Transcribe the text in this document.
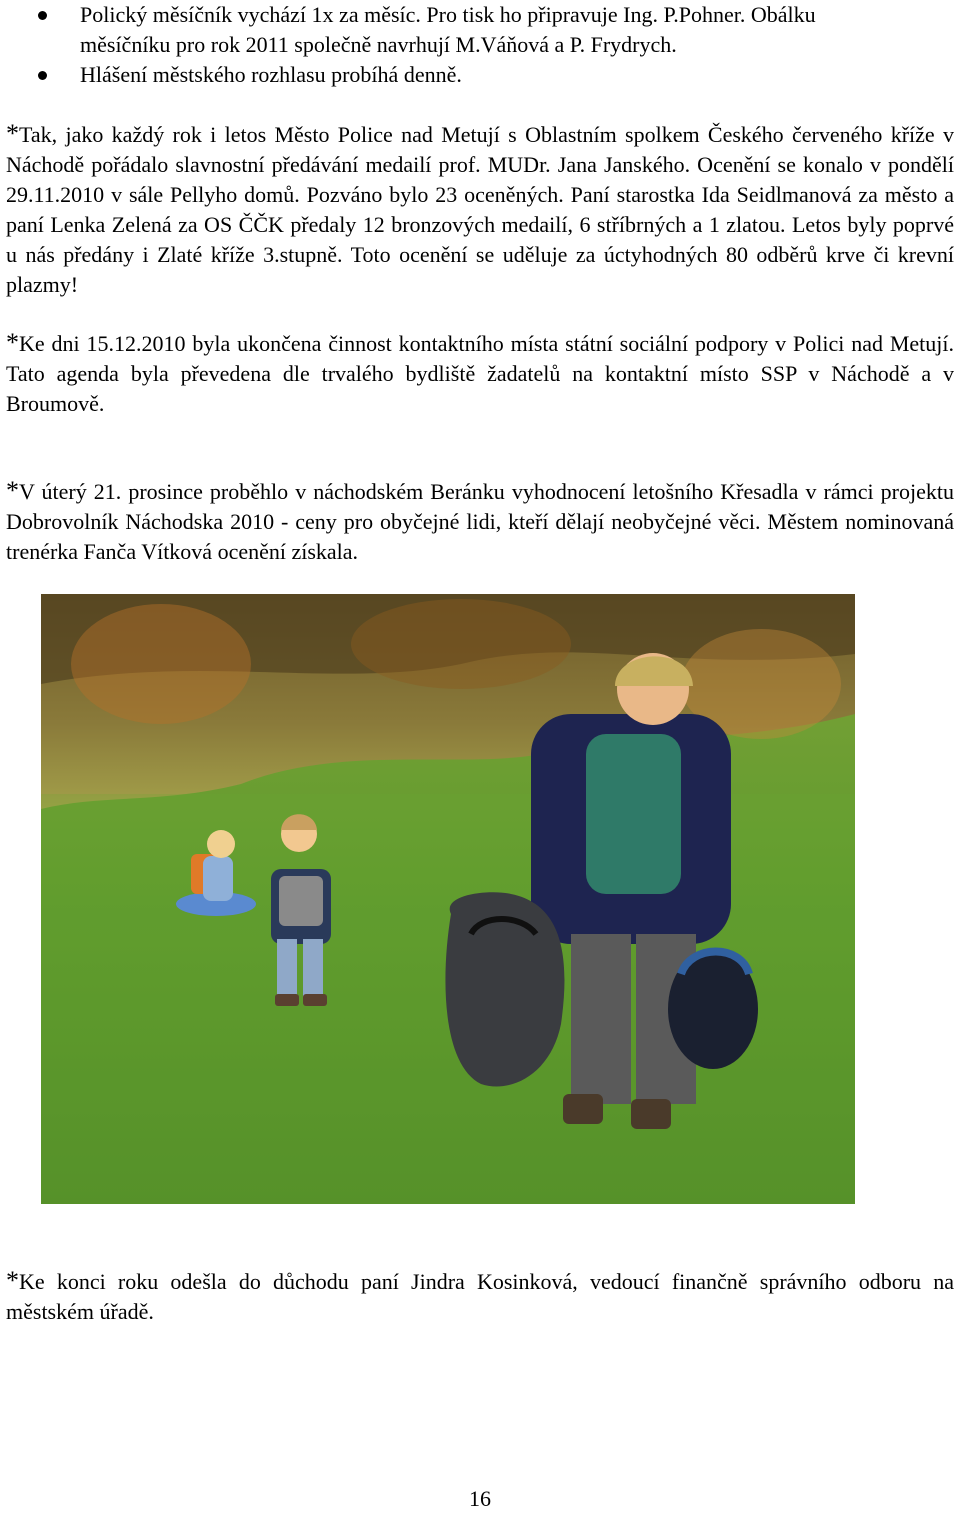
Polický měsíčník vychází 1x za měsíc. Pro tisk ho připravuje Ing. P.Pohner. Obálku
měsíčníku pro rok 2011 společně navrhují M.Váňová a P. Frydrych.
Hlášení městského rozhlasu probíhá denně.
*Tak, jako každý rok i letos Město Police nad Metují s Oblastním spolkem Českého červeného kříže v Náchodě pořádalo slavnostní předávání medailí prof. MUDr. Jana Janského. Ocenění se konalo v pondělí 29.11.2010 v sále Pellyho domů. Pozváno bylo 23 oceněných. Paní starostka Ida Seidlmanová za město a paní Lenka Zelená za OS ČČK předaly 12 bronzových medailí, 6 stříbrných a 1 zlatou. Letos byly poprvé u nás předány i Zlaté kříže 3.stupně. Toto ocenění se uděluje za úctyhodných 80 odběrů krve či krevní plazmy!
*Ke dni 15.12.2010 byla ukončena činnost kontaktního místa státní sociální podpory v Polici nad Metují. Tato agenda byla převedena dle trvalého bydliště žadatelů na kontaktní místo SSP v Náchodě a v Broumově.
*V úterý 21. prosince proběhlo v náchodském Beránku vyhodnocení letošního Křesadla v rámci projektu Dobrovolník Náchodska 2010 - ceny pro obyčejné lidi, kteří dělají neobyčejné věci. Městem nominovaná trenérka Fanča Vítková ocenění získala.
*Ke konci roku odešla do důchodu paní Jindra Kosinková, vedoucí finančně správního odboru na městském úřadě.
16
